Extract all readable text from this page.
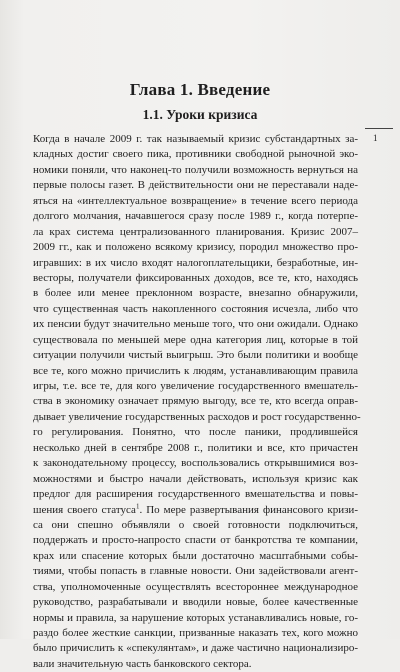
Глава 1. Введение
1.1. Уроки кризиса
1
Когда в начале 2009 г. так называемый кризис субстандартных за-
кладных достиг своего пика, противники свободной рыночной эко-
номики поняли, что наконец-то получили возможность вернуться на
первые полосы газет. В действительности они не переставали наде-
яться на «интеллектуальное возвращение» в течение всего периода
долгого молчания, начавшегося сразу после 1989 г., когда потерпе-
ла крах система централизованного планирования. Кризис 2007–
2009 гг., как и положено всякому кризису, породил множество про-
игравших: в их число входят налогоплательщики, безработные, ин-
весторы, получатели фиксированных доходов, все те, кто, находясь
в более или менее преклонном возрасте, внезапно обнаружили,
что существенная часть накопленного состояния исчезла, либо что
их пенсии будут значительно меньше того, что они ожидали. Однако
существовала по меньшей мере одна категория лиц, которые в той
ситуации получили чистый выигрыш. Это были политики и вообще
все те, кого можно причислить к людям, устанавливающим правила
игры, т.е. все те, для кого увеличение государственного вмешатель-
ства в экономику означает прямую выгоду, все те, кто всегда оправ-
дывает увеличение государственных расходов и рост государственно-
го регулирования. Понятно, что после паники, продлившейся
несколько дней в сентябре 2008 г., политики и все, кто причастен
к законодательному процессу, воспользовались открывшимися воз-
можностями и быстро начали действовать, используя кризис как
предлог для расширения государственного вмешательства и повы-
шения своего статуса$^1$. По мере развертывания финансового кризи-
са они спешно объявляли о своей готовности подключиться,
поддержать и просто-напросто спасти от банкротства те компании,
крах или спасение которых были достаточно масштабными собы-
тиями, чтобы попасть в главные новости. Они задействовали агент-
ства, уполномоченные осуществлять всестороннее международное
руководство, разрабатывали и вводили новые, более качественные
нормы и правила, за нарушение которых устанавливались новые, го-
раздо более жесткие санкции, призванные наказать тех, кого можно
было причислить к «спекулянтам», и даже частично национализиро-
вали значительную часть банковского сектора.
